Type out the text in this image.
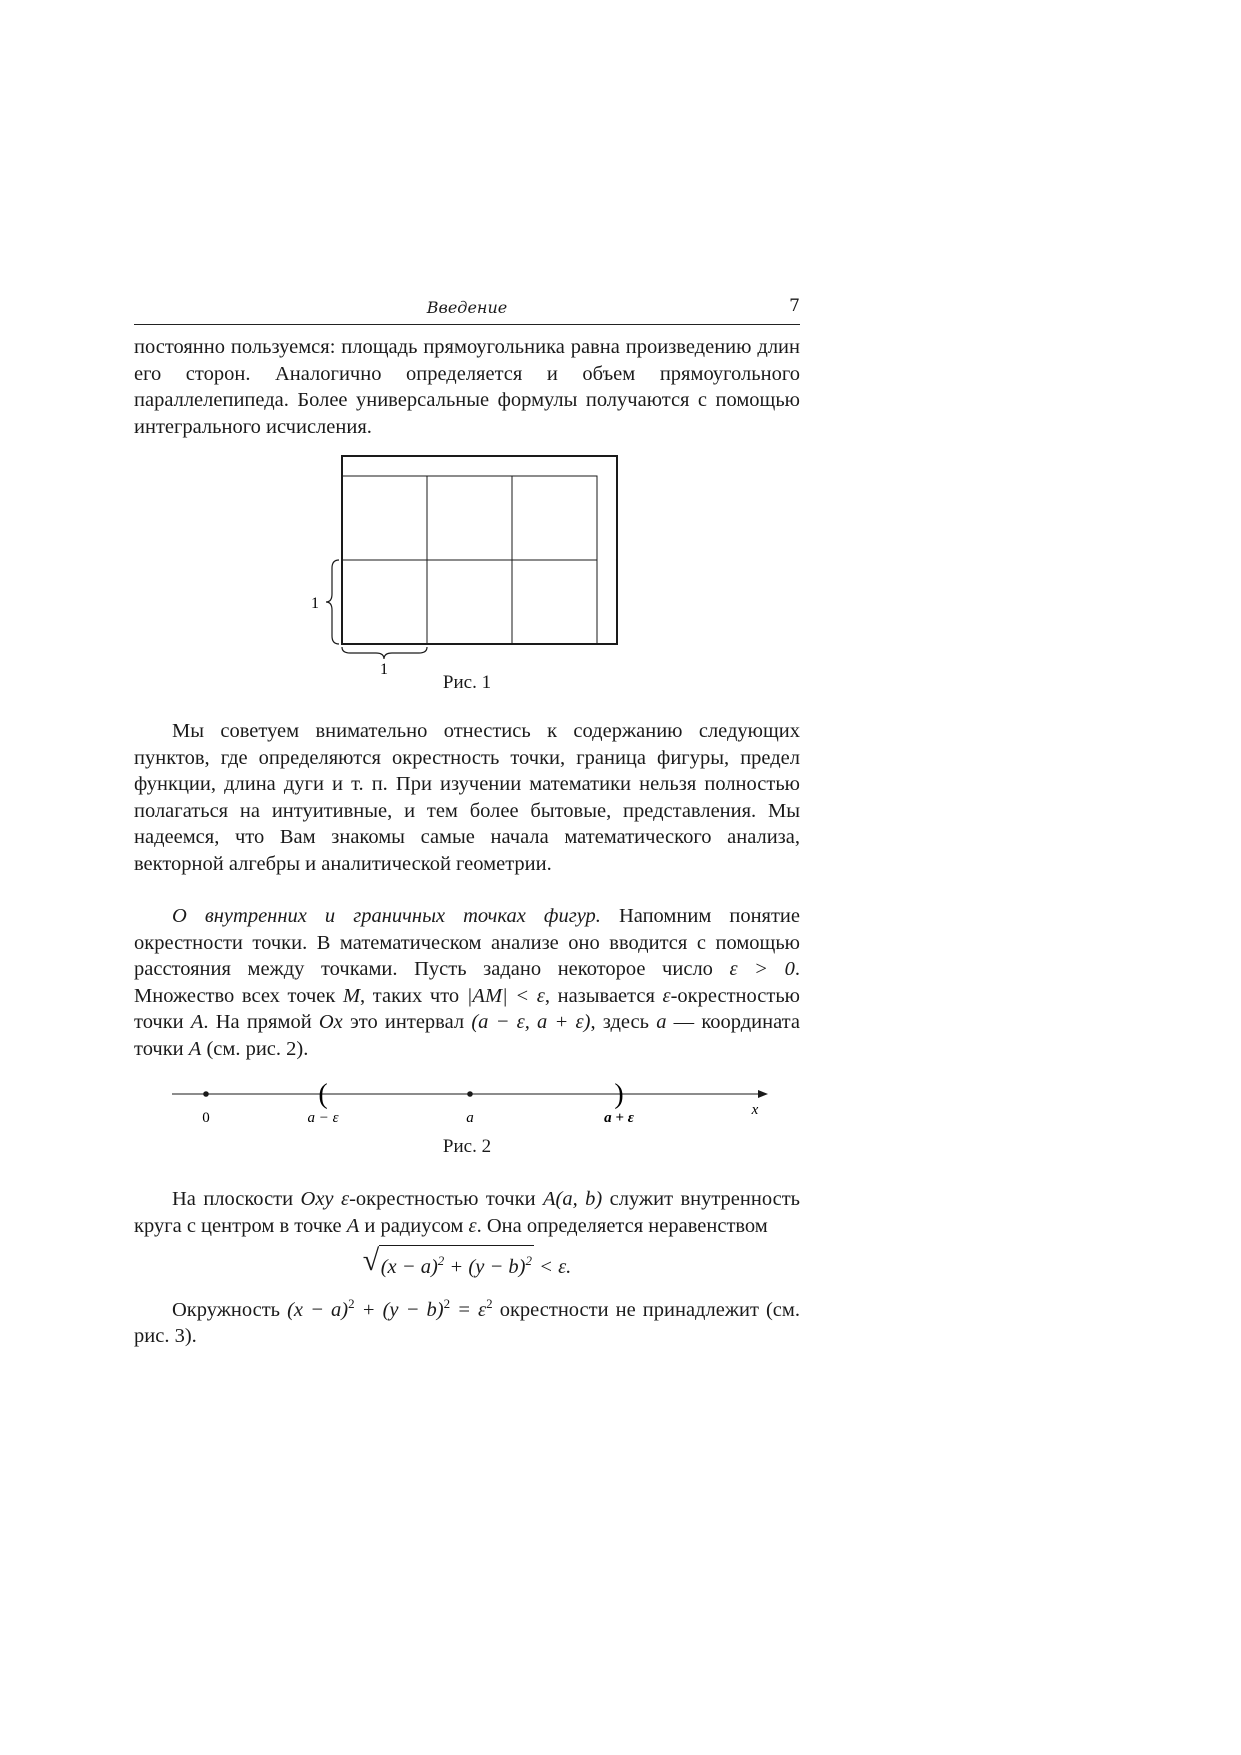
Введение	7

постоянно пользуемся: площадь прямоугольника равна произведению длин его сторон. Аналогично определяется и объем прямоугольного параллелепипеда. Более универсальные формулы получаются с помощью интегрального исчисления.

1
1
Рис. 1

Мы советуем внимательно отнестись к содержанию следующих пунктов, где определяются окрестность точки, граница фигуры, предел функции, длина дуги и т. п. При изучении математики нельзя полностью полагаться на интуитивные, и тем более бытовые, представления. Мы надеемся, что Вам знакомы самые начала математического анализа, векторной алгебры и аналитической геометрии.

О внутренних и граничных точках фигур. Напомним понятие окрестности точки. В математическом анализе оно вводится с помощью расстояния между точками. Пусть задано некоторое число ε > 0. Множество всех точек M, таких что |AM| < ε, называется ε-окрестностью точки A. На прямой Ox это интервал (a − ε, a + ε), здесь a — координата точки A (см. рис. 2).

(	)
0	a − ε	a	a + ε	x
Рис. 2

На плоскости Oxy ε-окрестностью точки A(a, b) служит внутренность круга с центром в точке A и радиусом ε. Она определяется неравенством

√ $(x - a)^2 + (y - b)^2 < \varepsilon$.

Окружность $(x - a)^2 + (y - b)^2 = \varepsilon^2$ окрестности не принадлежит (см. рис. 3).
